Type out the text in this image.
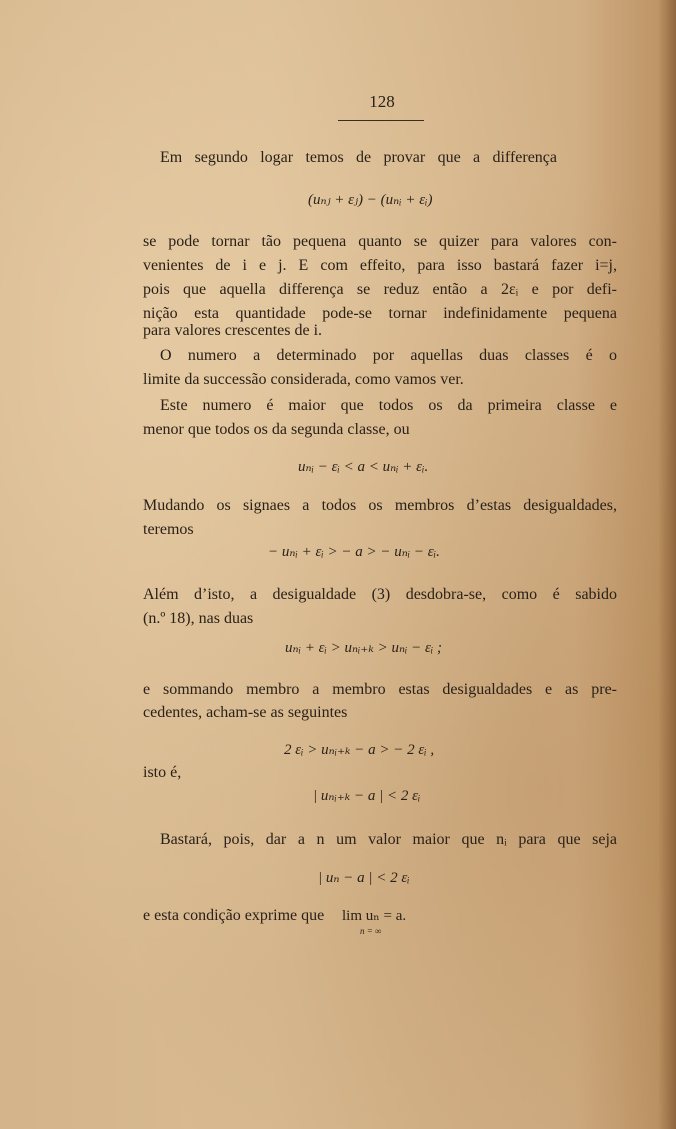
128
Em segundo logar temos de provar que a differença
(uₙⱼ + εⱼ) − (uₙᵢ + εᵢ)
se pode tornar tão pequena quanto se quizer para valores con-
venientes de i e j. E com effeito, para isso bastará fazer i=j,
pois que aquella differença se reduz então a 2εᵢ e por defi-
nição esta quantidade pode-se tornar indefinidamente pequena
para valores crescentes de i.
O numero a determinado por aquellas duas classes é o
limite da successão considerada, como vamos ver.
Este numero é maior que todos os da primeira classe e
menor que todos os da segunda classe, ou
uₙᵢ − εᵢ < a < uₙᵢ + εᵢ.
Mudando os signaes a todos os membros d’estas desigualdades,
teremos
− uₙᵢ + εᵢ > − a > − uₙᵢ − εᵢ.
Além d’isto, a desigualdade (3) desdobra-se, como é sabido
(n.º 18), nas duas
uₙᵢ + εᵢ > uₙᵢ₊ₖ > uₙᵢ − εᵢ ;
e sommando membro a membro estas desigualdades e as pre-
cedentes, acham-se as seguintes
2 εᵢ > uₙᵢ₊ₖ − a > − 2 εᵢ ,
isto é,
| uₙᵢ₊ₖ − a | < 2 εᵢ
Bastará, pois, dar a n um valor maior que nᵢ para que seja
| uₙ − a | < 2 εᵢ
e esta condição exprime que	lim uₙ = a.
n = ∞
